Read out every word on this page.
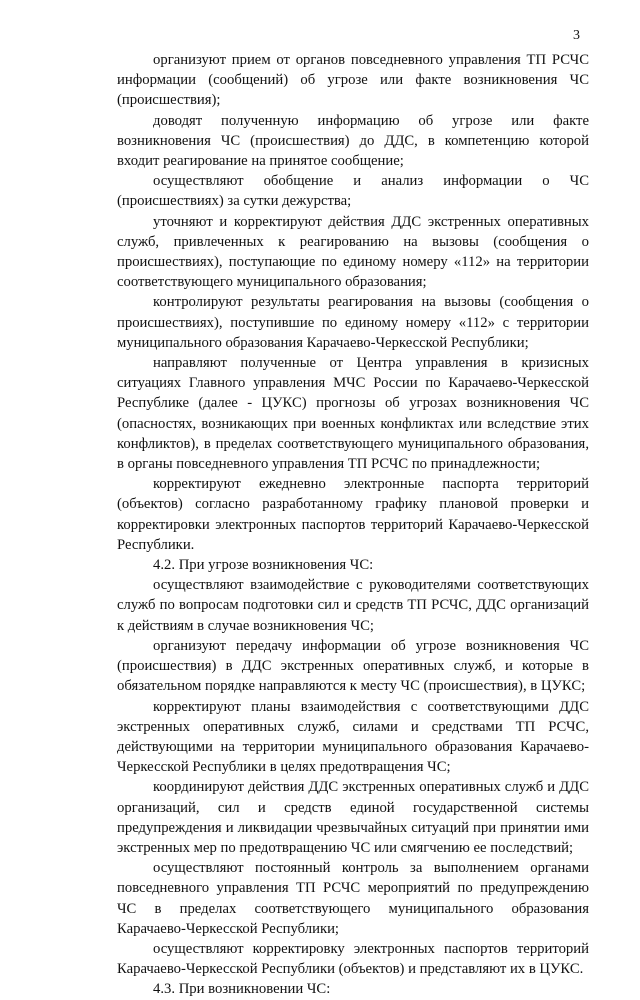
3

организуют прием от органов повседневного управления ТП РСЧС информации (сообщений) об угрозе или факте возникновения ЧС (происшествия);

доводят полученную информацию об угрозе или факте возникновения ЧС (происшествия) до ДДС, в компетенцию которой входит реагирование на принятое сообщение;

осуществляют обобщение и анализ информации о ЧС (происшествиях) за сутки дежурства;

уточняют и корректируют действия ДДС экстренных оперативных служб, привлеченных к реагированию на вызовы (сообщения о происшествиях), поступающие по единому номеру «112» на территории соответствующего муниципального образования;

контролируют результаты реагирования на вызовы (сообщения о происшествиях), поступившие по единому номеру «112» с территории муниципального образования Карачаево-Черкесской Республики;

направляют полученные от Центра управления в кризисных ситуациях Главного управления МЧС России по Карачаево-Черкесской Республике (далее - ЦУКС) прогнозы об угрозах возникновения ЧС (опасностях, возникающих при военных конфликтах или вследствие этих конфликтов), в пределах соответствующего муниципального образования, в органы повседневного управления ТП РСЧС по принадлежности;

корректируют ежедневно электронные паспорта территорий (объектов) согласно разработанному графику плановой проверки и корректировки электронных паспортов территорий Карачаево-Черкесской Республики.

4.2. При угрозе возникновения ЧС:

осуществляют взаимодействие с руководителями соответствующих служб по вопросам подготовки сил и средств ТП РСЧС, ДДС организаций к действиям в случае возникновения ЧС;

организуют передачу информации об угрозе возникновения ЧС (происшествия) в ДДС экстренных оперативных служб, и которые в обязательном порядке направляются к месту ЧС (происшествия), в ЦУКС;

корректируют планы взаимодействия с соответствующими ДДС экстренных оперативных служб, силами и средствами ТП РСЧС, действующими на территории муниципального образования Карачаево-Черкесской Республики в целях предотвращения ЧС;

координируют действия ДДС экстренных оперативных служб и ДДС организаций, сил и средств единой государственной системы предупреждения и ликвидации чрезвычайных ситуаций при принятии ими экстренных мер по предотвращению ЧС или смягчению ее последствий;

осуществляют постоянный контроль за выполнением органами повседневного управления ТП РСЧС мероприятий по предупреждению ЧС в пределах соответствующего муниципального образования Карачаево-Черкесской Республики;

осуществляют корректировку электронных паспортов территорий Карачаево-Черкесской Республики (объектов) и представляют их в ЦУКС.

4.3. При возникновении ЧС:
